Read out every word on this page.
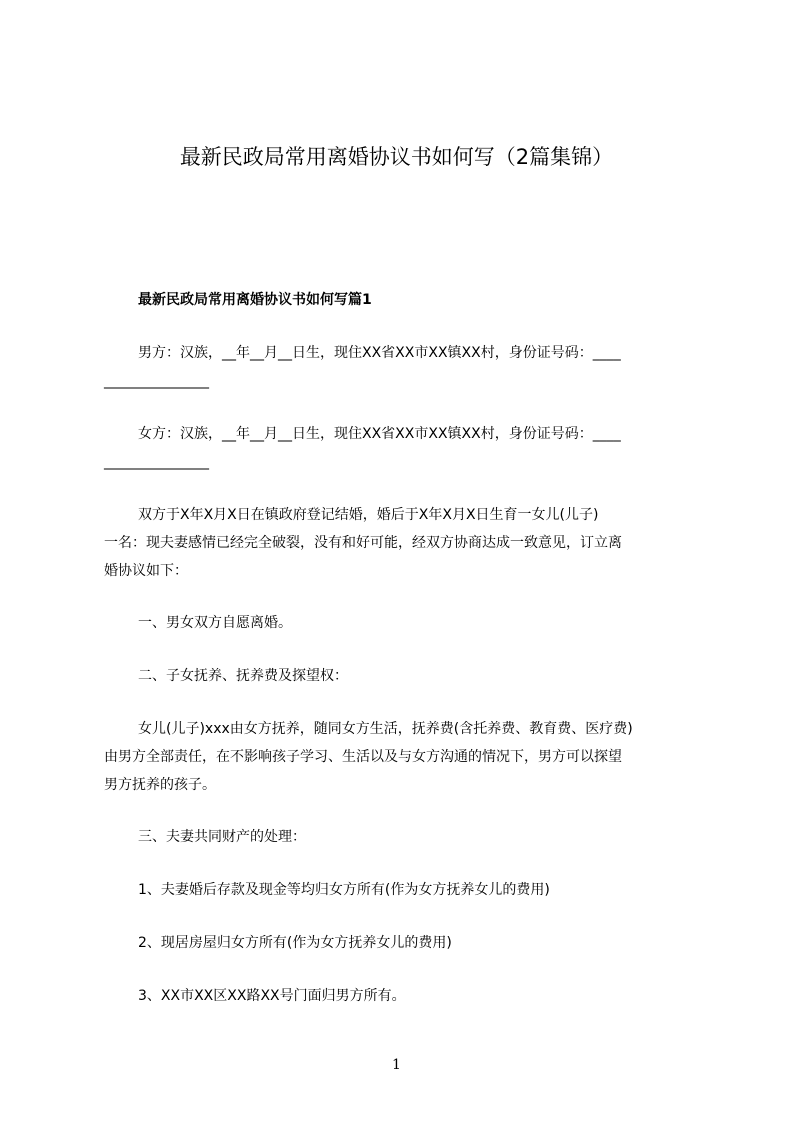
最新民政局常用离婚协议书如何写（2篇集锦）
最新民政局常用离婚协议书如何写篇1
男方：汉族，__年__月__日生，现住XX省XX市XX镇XX村，身份证号码：____
_______________
女方：汉族，__年__月__日生，现住XX省XX市XX镇XX村，身份证号码：____
_______________
双方于X年X月X日在镇政府登记结婚，婚后于X年X月X日生育一女儿(儿子)
一名：现夫妻感情已经完全破裂，没有和好可能，经双方协商达成一致意见，订立离
婚协议如下：
一、男女双方自愿离婚。
二、子女抚养、抚养费及探望权：
女儿(儿子)xxx由女方抚养，随同女方生活，抚养费(含托养费、教育费、医疗费)
由男方全部责任，在不影响孩子学习、生活以及与女方沟通的情况下，男方可以探望
男方抚养的孩子。
三、夫妻共同财产的处理：
1、夫妻婚后存款及现金等均归女方所有(作为女方抚养女儿的费用)
2、现居房屋归女方所有(作为女方抚养女儿的费用)
3、XX市XX区XX路XX号门面归男方所有。
1
